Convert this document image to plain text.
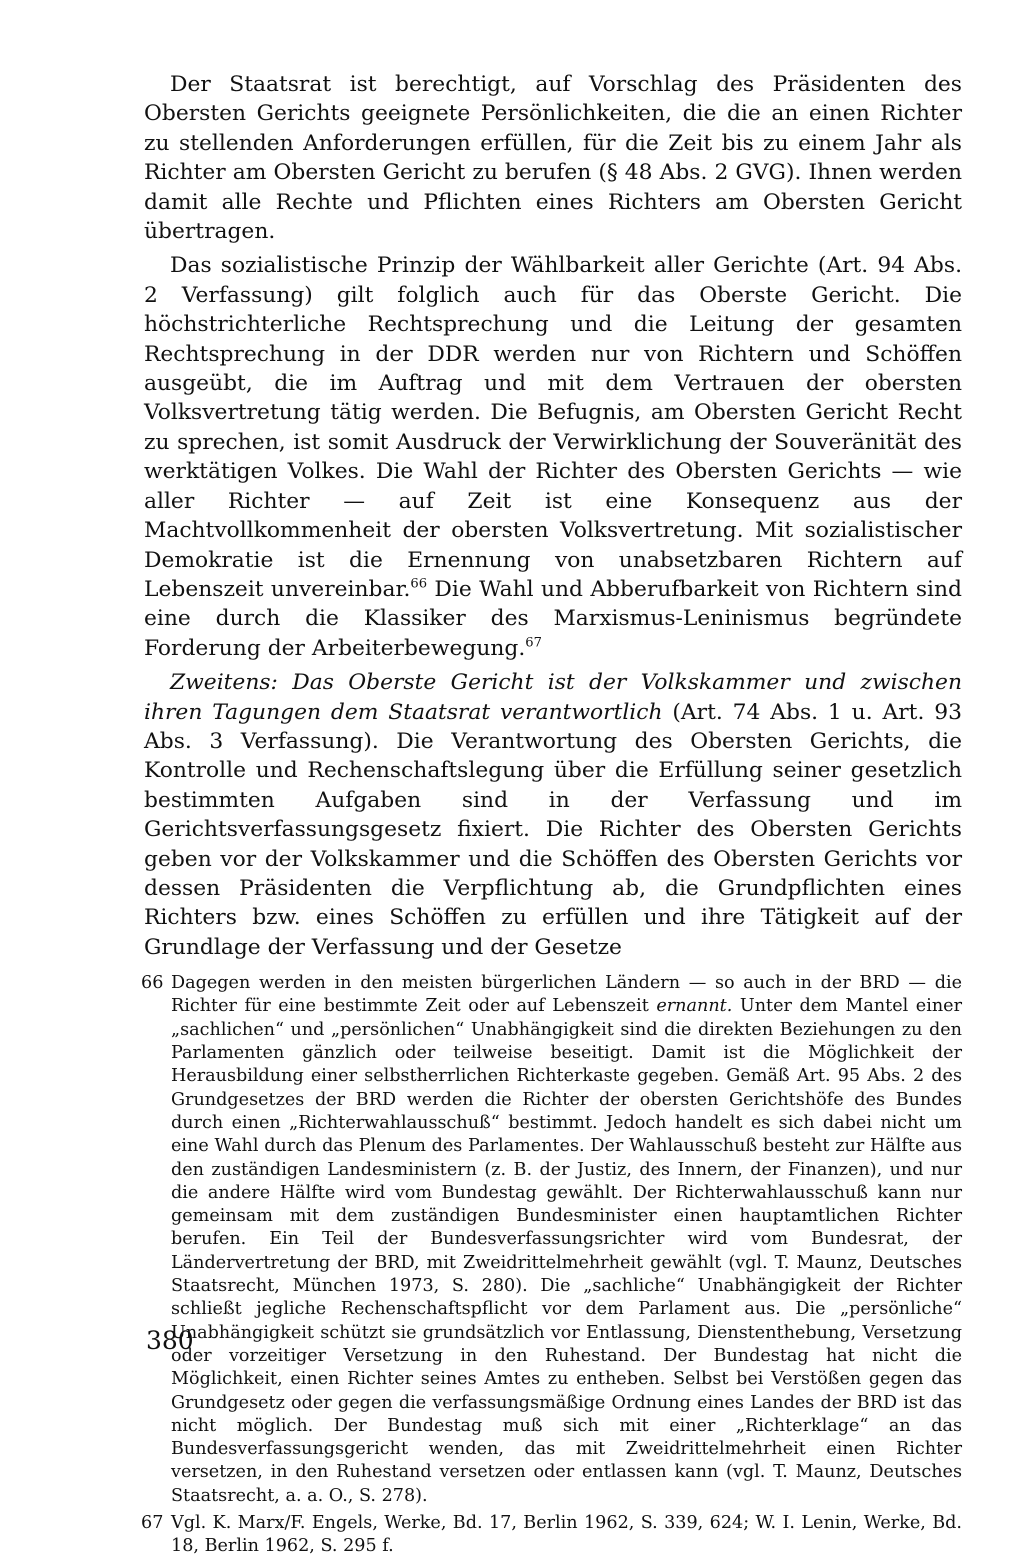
Der Staatsrat ist berechtigt, auf Vorschlag des Präsidenten des Obersten Gerichts geeignete Persönlichkeiten, die die an einen Richter zu stellenden Anforderungen erfüllen, für die Zeit bis zu einem Jahr als Richter am Obersten Gericht zu berufen (§ 48 Abs. 2 GVG). Ihnen werden damit alle Rechte und Pflichten eines Richters am Obersten Gericht übertragen.

Das sozialistische Prinzip der Wählbarkeit aller Gerichte (Art. 94 Abs. 2 Verfassung) gilt folglich auch für das Oberste Gericht. Die höchstrichterliche Rechtsprechung und die Leitung der gesamten Rechtsprechung in der DDR werden nur von Richtern und Schöffen ausgeübt, die im Auftrag und mit dem Vertrauen der obersten Volksvertretung tätig werden. Die Befugnis, am Obersten Gericht Recht zu sprechen, ist somit Ausdruck der Verwirklichung der Souveränität des werktätigen Volkes. Die Wahl der Richter des Obersten Gerichts — wie aller Richter — auf Zeit ist eine Konsequenz aus der Machtvollkommenheit der obersten Volksvertretung. Mit sozialistischer Demokratie ist die Ernennung von unabsetzbaren Richtern auf Lebenszeit unvereinbar.$^{66}$ Die Wahl und Abberufbarkeit von Richtern sind eine durch die Klassiker des Marxismus-Leninismus begründete Forderung der Arbeiterbewegung.$^{67}$

Zweitens: Das Oberste Gericht ist der Volkskammer und zwischen ihren Tagungen dem Staatsrat verantwortlich (Art. 74 Abs. 1 u. Art. 93 Abs. 3 Verfassung). Die Verantwortung des Obersten Gerichts, die Kontrolle und Rechenschaftslegung über die Erfüllung seiner gesetzlich bestimmten Aufgaben sind in der Verfassung und im Gerichtsverfassungsgesetz fixiert. Die Richter des Obersten Gerichts geben vor der Volkskammer und die Schöffen des Obersten Gerichts vor dessen Präsidenten die Verpflichtung ab, die Grundpflichten eines Richters bzw. eines Schöffen zu erfüllen und ihre Tätigkeit auf der Grundlage der Verfassung und der Gesetze

66 Dagegen werden in den meisten bürgerlichen Ländern — so auch in der BRD — die Richter für eine bestimmte Zeit oder auf Lebenszeit ernannt. Unter dem Mantel einer „sachlichen“ und „persönlichen“ Unabhängigkeit sind die direkten Beziehungen zu den Parlamenten gänzlich oder teilweise beseitigt. Damit ist die Möglichkeit der Herausbildung einer selbstherrlichen Richterkaste gegeben. Gemäß Art. 95 Abs. 2 des Grundgesetzes der BRD werden die Richter der obersten Gerichtshöfe des Bundes durch einen „Richterwahlausschuß“ bestimmt. Jedoch handelt es sich dabei nicht um eine Wahl durch das Plenum des Parlamentes. Der Wahlausschuß besteht zur Hälfte aus den zuständigen Landesministern (z. B. der Justiz, des Innern, der Finanzen), und nur die andere Hälfte wird vom Bundestag gewählt. Der Richterwahlausschuß kann nur gemeinsam mit dem zuständigen Bundesminister einen hauptamtlichen Richter berufen. Ein Teil der Bundesverfassungsrichter wird vom Bundesrat, der Ländervertretung der BRD, mit Zweidrittelmehrheit gewählt (vgl. T. Maunz, Deutsches Staatsrecht, München 1973, S. 280). Die „sachliche“ Unabhängigkeit der Richter schließt jegliche Rechenschaftspflicht vor dem Parlament aus. Die „persönliche“ Unabhängigkeit schützt sie grundsätzlich vor Entlassung, Dienstenthebung, Versetzung oder vorzeitiger Versetzung in den Ruhestand. Der Bundestag hat nicht die Möglichkeit, einen Richter seines Amtes zu entheben. Selbst bei Verstößen gegen das Grundgesetz oder gegen die verfassungsmäßige Ordnung eines Landes der BRD ist das nicht möglich. Der Bundestag muß sich mit einer „Richterklage“ an das Bundesverfassungsgericht wenden, das mit Zweidrittelmehrheit einen Richter versetzen, in den Ruhestand versetzen oder entlassen kann (vgl. T. Maunz, Deutsches Staatsrecht, a. a. O., S. 278).
67 Vgl. K. Marx/F. Engels, Werke, Bd. 17, Berlin 1962, S. 339, 624; W. I. Lenin, Werke, Bd. 18, Berlin 1962, S. 295 f.
380
